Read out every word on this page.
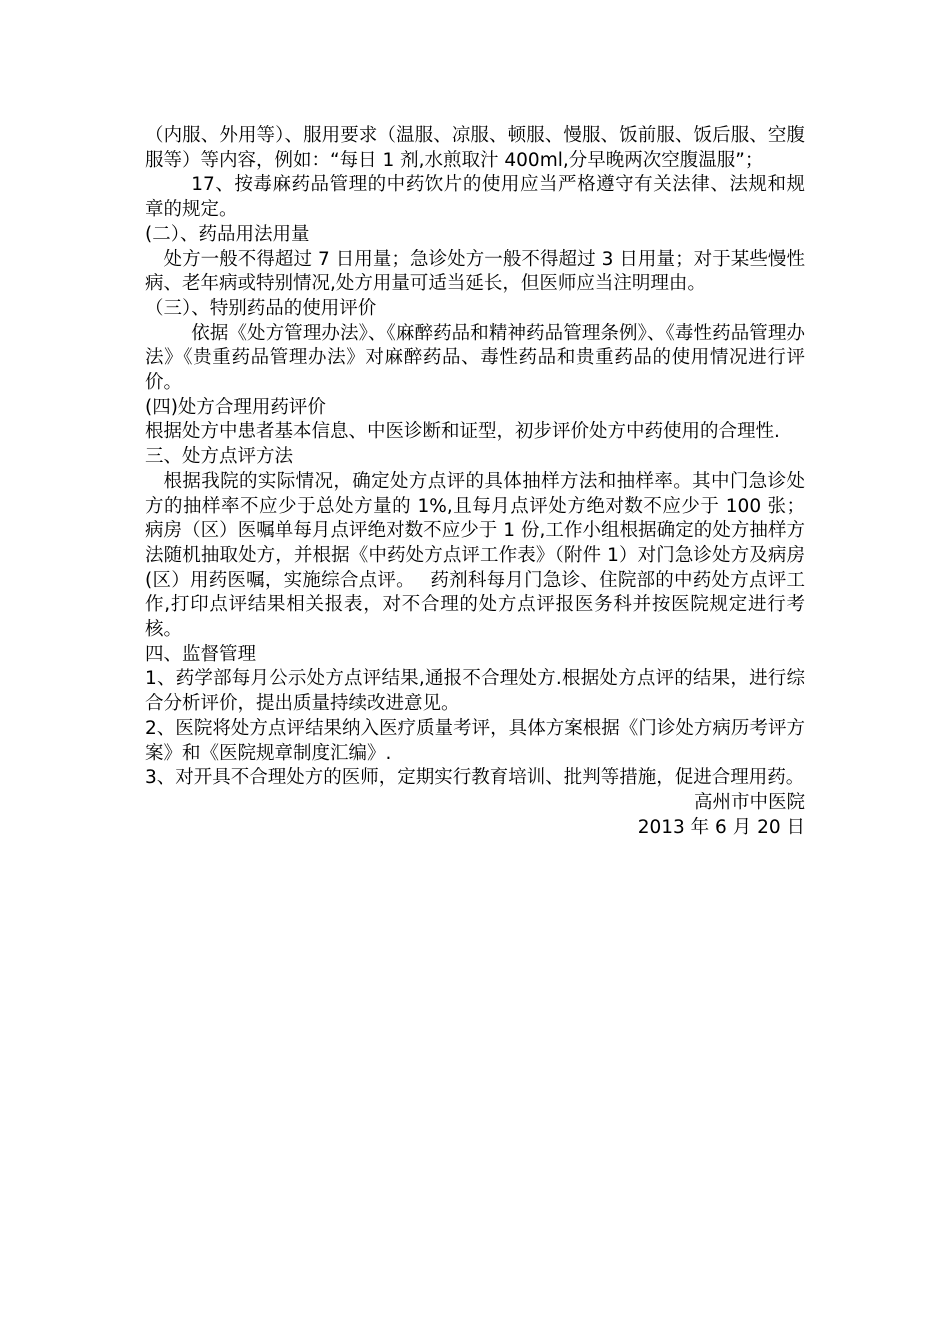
（内服、外用等）、服用要求（温服、凉服、顿服、慢服、饭前服、饭后服、空腹服等）等内容，例如：“每日 1 剂,水煎取汁 400ml,分早晚两次空腹温服”；

17、按毒麻药品管理的中药饮片的使用应当严格遵守有关法律、法规和规章的规定。

(二）、药品用法用量

处方一般不得超过 7 日用量；急诊处方一般不得超过 3 日用量；对于某些慢性病、老年病或特别情况,处方用量可适当延长，但医师应当注明理由。

（三）、特别药品的使用评价

依据《处方管理办法》、《麻醉药品和精神药品管理条例》、《毒性药品管理办法》《贵重药品管理办法》对麻醉药品、毒性药品和贵重药品的使用情况进行评价。

(四)处方合理用药评价

根据处方中患者基本信息、中医诊断和证型，初步评价处方中药使用的合理性.

三、处方点评方法

根据我院的实际情况，确定处方点评的具体抽样方法和抽样率。其中门急诊处方的抽样率不应少于总处方量的 1%,且每月点评处方绝对数不应少于 100 张；病房（区）医嘱单每月点评绝对数不应少于 1 份,工作小组根据确定的处方抽样方法随机抽取处方，并根据《中药处方点评工作表》（附件 1）对门急诊处方及病房(区）用药医嘱，实施综合点评。　 药剂科每月门急诊、住院部的中药处方点评工作,打印点评结果相关报表，对不合理的处方点评报医务科并按医院规定进行考核。

四、监督管理

1、药学部每月公示处方点评结果,通报不合理处方.根据处方点评的结果，进行综合分析评价，提出质量持续改进意见。

2、医院将处方点评结果纳入医疗质量考评，具体方案根据《门诊处方病历考评方案》和《医院规章制度汇编》.

3、对开具不合理处方的医师，定期实行教育培训、批判等措施，促进合理用药。

高州市中医院

2013 年 6 月 20 日
